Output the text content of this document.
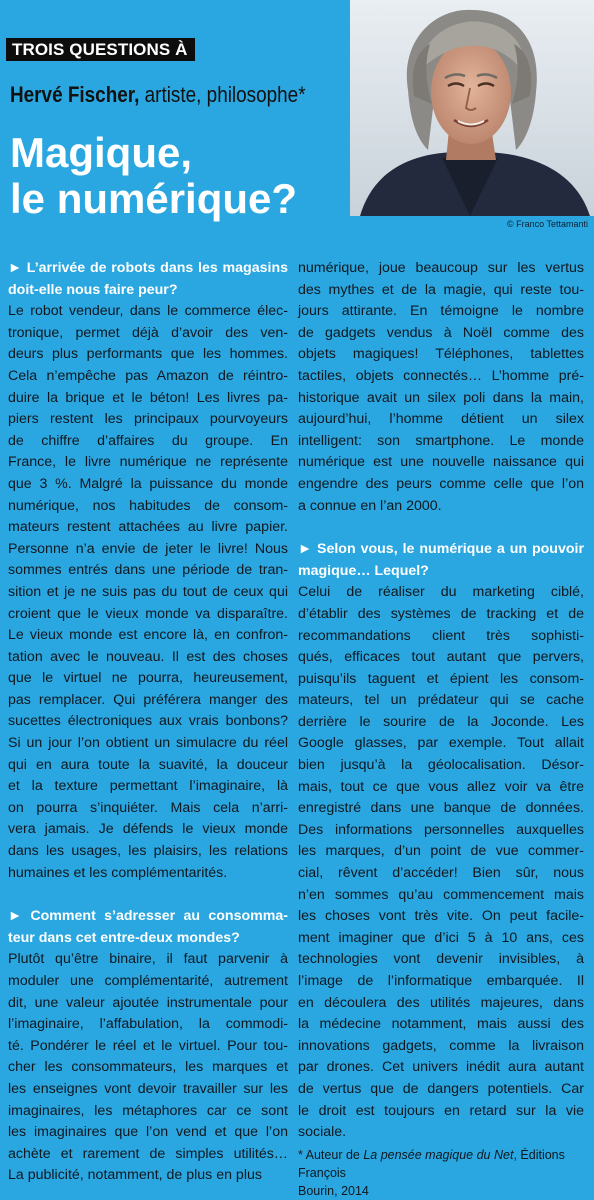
TROIS QUESTIONS À
Hervé Fischer, artiste, philosophe*
Magique,
le numérique?
© Franco Tettamanti
► L’arrivée de robots dans les magasins
doit-elle nous faire peur?
Le robot vendeur, dans le commerce élec-
tronique, permet déjà d’avoir des ven-
deurs plus performants que les hommes.
Cela n’empêche pas Amazon de réintro-
duire la brique et le béton! Les livres pa-
piers restent les principaux pourvoyeurs
de chiffre d’affaires du groupe. En
France, le livre numérique ne représente
que 3 %. Malgré la puissance du monde
numérique, nos habitudes de consom-
mateurs restent attachées au livre papier.
Personne n’a envie de jeter le livre! Nous
sommes entrés dans une période de tran-
sition et je ne suis pas du tout de ceux qui
croient que le vieux monde va disparaître.
Le vieux monde est encore là, en confron-
tation avec le nouveau. Il est des choses
que le virtuel ne pourra, heureusement,
pas remplacer. Qui préférera manger des
sucettes électroniques aux vrais bonbons?
Si un jour l’on obtient un simulacre du réel
qui en aura toute la suavité, la douceur
et la texture permettant l’imaginaire, là
on pourra s’inquiéter. Mais cela n’arri-
vera jamais. Je défends le vieux monde
dans les usages, les plaisirs, les relations
humaines et les complémentarités.
► Comment s’adresser au consomma-
teur dans cet entre-deux mondes?
Plutôt qu’être binaire, il faut parvenir à
moduler une complémentarité, autrement
dit, une valeur ajoutée instrumentale pour
l’imaginaire, l’affabulation, la commodi-
té. Pondérer le réel et le virtuel. Pour tou-
cher les consommateurs, les marques et
les enseignes vont devoir travailler sur les
imaginaires, les métaphores car ce sont
les imaginaires que l’on vend et que l’on
achète et rarement de simples utilités…
La publicité, notamment, de plus en plus
numérique, joue beaucoup sur les vertus
des mythes et de la magie, qui reste tou-
jours attirante. En témoigne le nombre
de gadgets vendus à Noël comme des
objets magiques! Téléphones, tablettes
tactiles, objets connectés… L’homme pré-
historique avait un silex poli dans la main,
aujourd’hui, l’homme détient un silex
intelligent: son smartphone. Le monde
numérique est une nouvelle naissance qui
engendre des peurs comme celle que l’on
a connue en l’an 2000.
► Selon vous, le numérique a un pouvoir
magique… Lequel?
Celui de réaliser du marketing ciblé,
d’établir des systèmes de tracking et de
recommandations client très sophisti-
qués, efficaces tout autant que pervers,
puisqu’ils taguent et épient les consom-
mateurs, tel un prédateur qui se cache
derrière le sourire de la Joconde. Les
Google glasses, par exemple. Tout allait
bien jusqu’à la géolocalisation. Désor-
mais, tout ce que vous allez voir va être
enregistré dans une banque de données.
Des informations personnelles auxquelles
les marques, d’un point de vue commer-
cial, rêvent d’accéder! Bien sûr, nous
n’en sommes qu’au commencement mais
les choses vont très vite. On peut facile-
ment imaginer que d’ici 5 à 10 ans, ces
technologies vont devenir invisibles, à
l’image de l’informatique embarquée. Il
en découlera des utilités majeures, dans
la médecine notamment, mais aussi des
innovations gadgets, comme la livraison
par drones. Cet univers inédit aura autant
de vertus que de dangers potentiels. Car
le droit est toujours en retard sur la vie
sociale.
* Auteur de La pensée magique du Net, Éditions François
Bourin, 2014
